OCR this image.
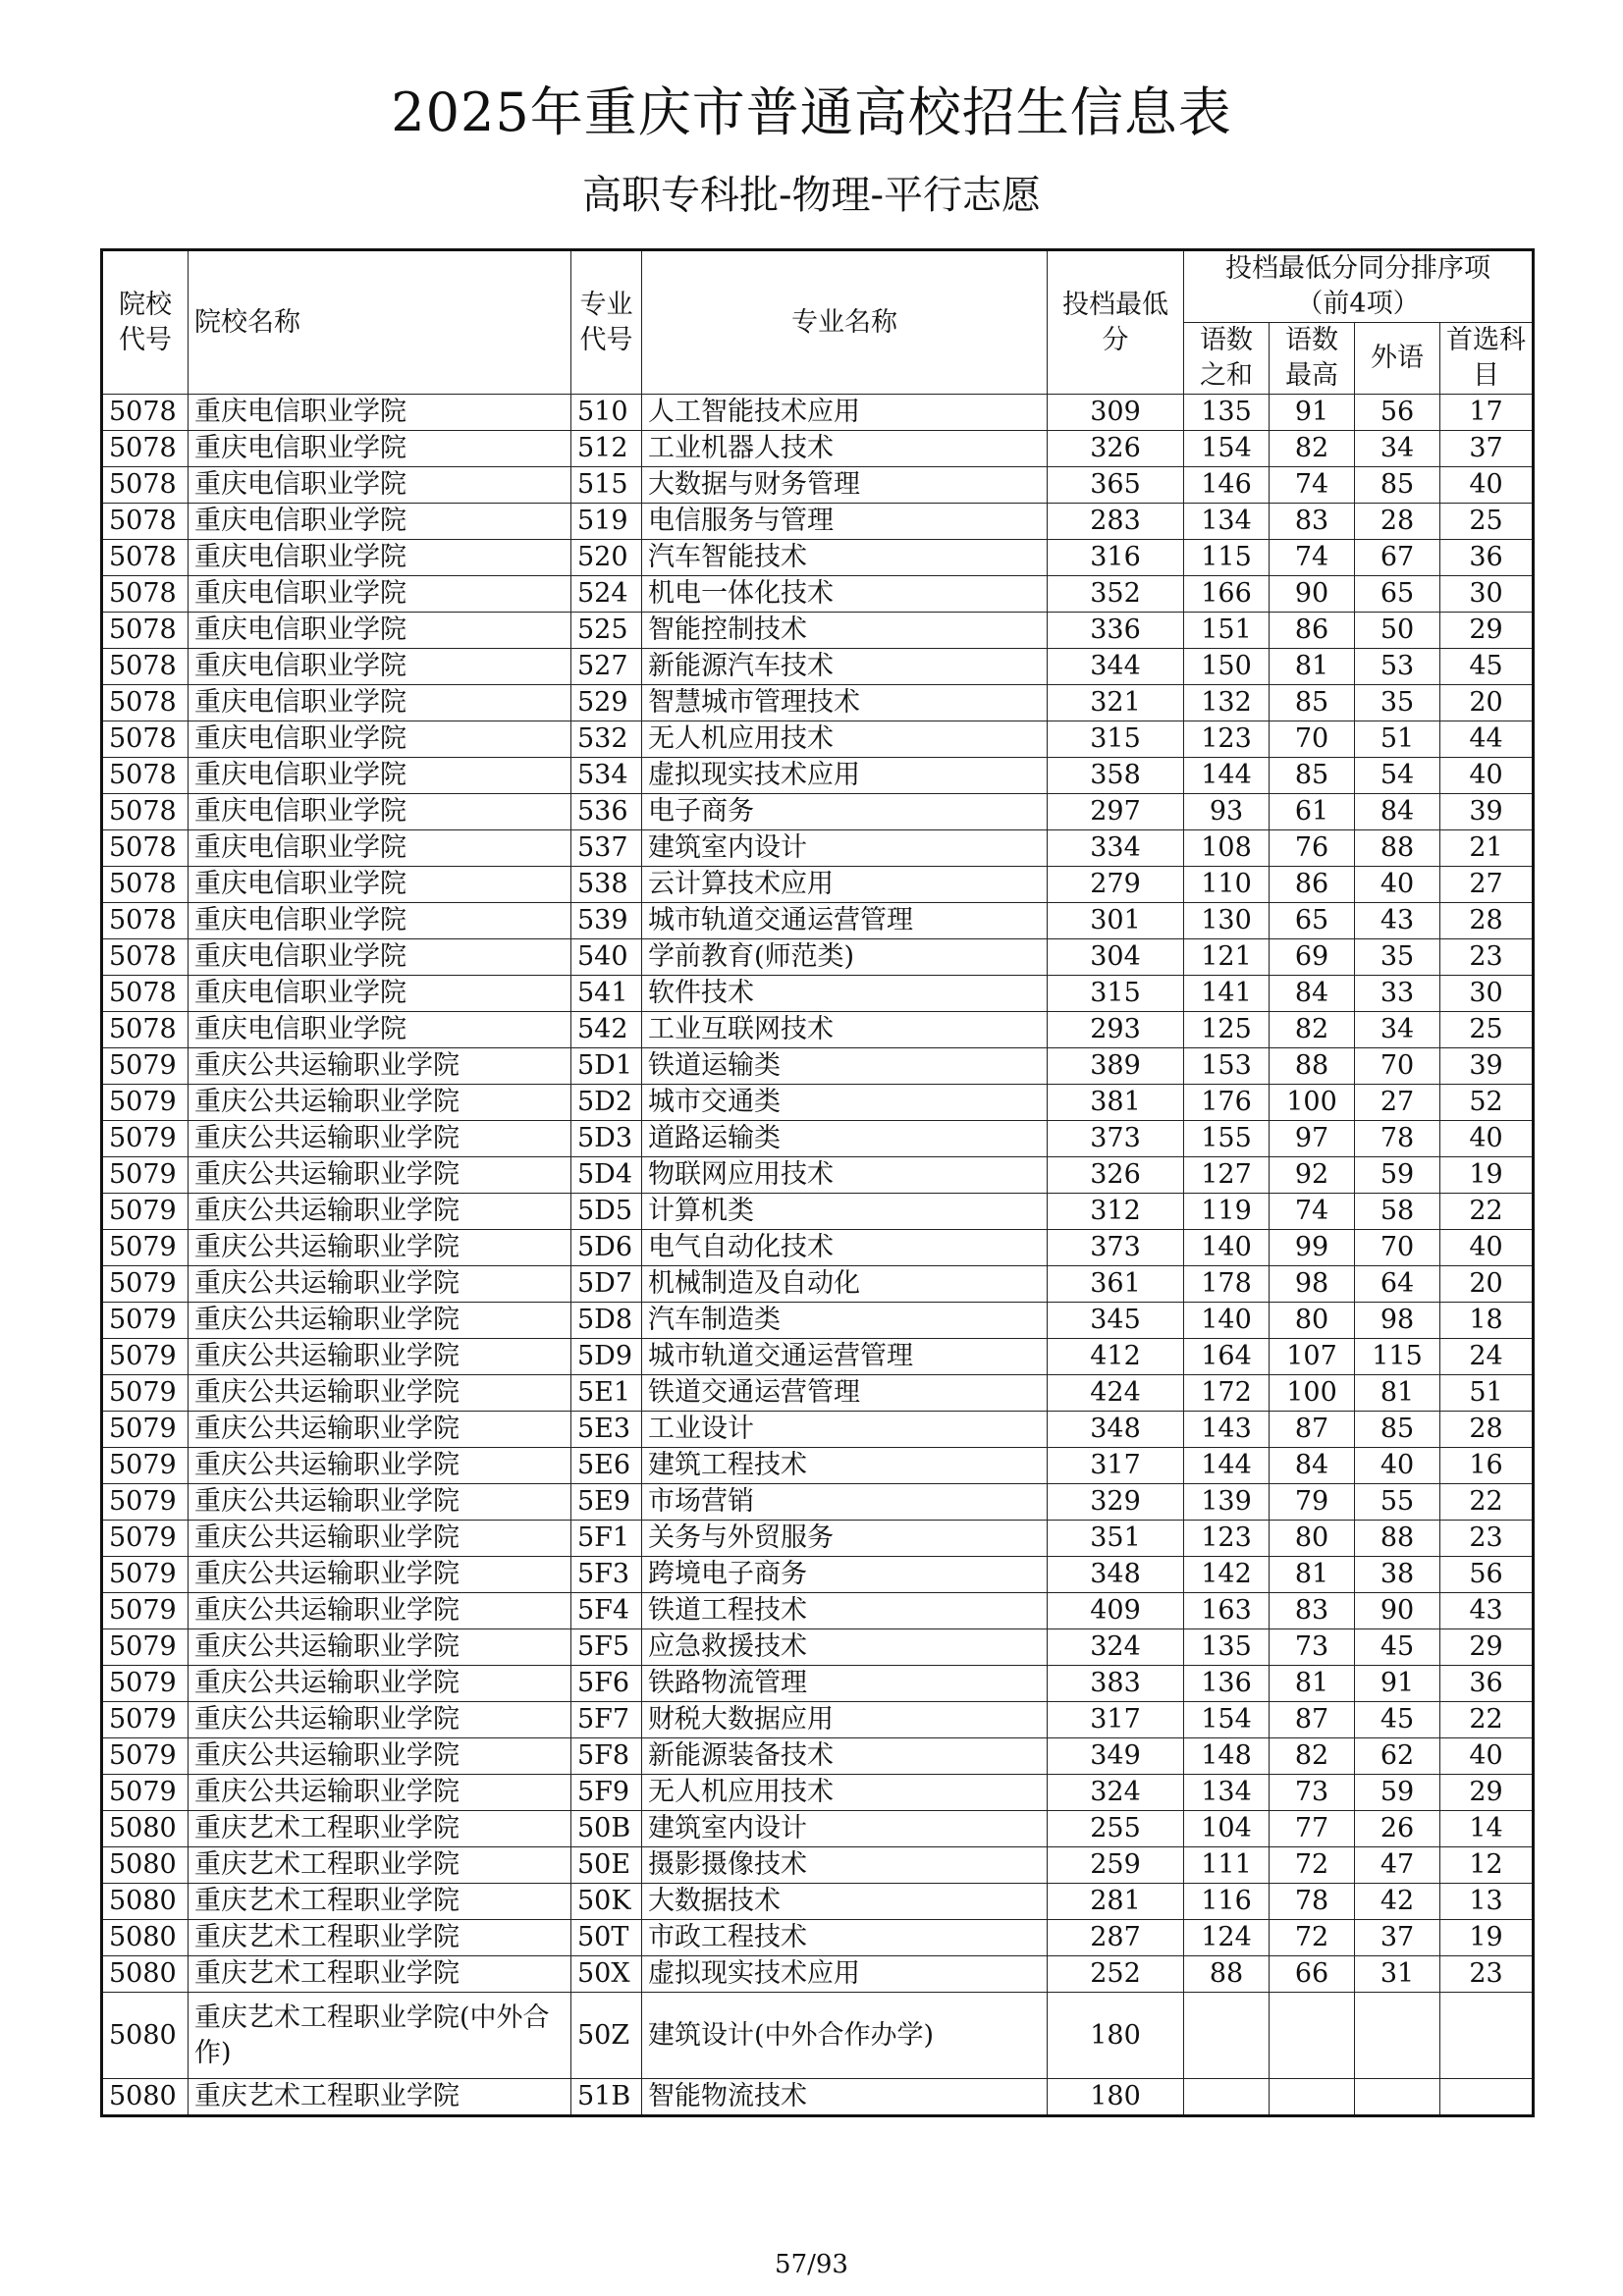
2025年重庆市普通高校招生信息表
高职专科批-物理-平行志愿
院校代号	院校名称	专业代号	专业名称	投档最低分	投档最低分同分排序项（前4项）			
					语数之和	语数最高	外语	首选科目
5078	重庆电信职业学院	510	人工智能技术应用	309	135	91	56	17
5078	重庆电信职业学院	512	工业机器人技术	326	154	82	34	37
5078	重庆电信职业学院	515	大数据与财务管理	365	146	74	85	40
5078	重庆电信职业学院	519	电信服务与管理	283	134	83	28	25
5078	重庆电信职业学院	520	汽车智能技术	316	115	74	67	36
5078	重庆电信职业学院	524	机电一体化技术	352	166	90	65	30
5078	重庆电信职业学院	525	智能控制技术	336	151	86	50	29
5078	重庆电信职业学院	527	新能源汽车技术	344	150	81	53	45
5078	重庆电信职业学院	529	智慧城市管理技术	321	132	85	35	20
5078	重庆电信职业学院	532	无人机应用技术	315	123	70	51	44
5078	重庆电信职业学院	534	虚拟现实技术应用	358	144	85	54	40
5078	重庆电信职业学院	536	电子商务	297	93	61	84	39
5078	重庆电信职业学院	537	建筑室内设计	334	108	76	88	21
5078	重庆电信职业学院	538	云计算技术应用	279	110	86	40	27
5078	重庆电信职业学院	539	城市轨道交通运营管理	301	130	65	43	28
5078	重庆电信职业学院	540	学前教育(师范类)	304	121	69	35	23
5078	重庆电信职业学院	541	软件技术	315	141	84	33	30
5078	重庆电信职业学院	542	工业互联网技术	293	125	82	34	25
5079	重庆公共运输职业学院	5D1	铁道运输类	389	153	88	70	39
5079	重庆公共运输职业学院	5D2	城市交通类	381	176	100	27	52
5079	重庆公共运输职业学院	5D3	道路运输类	373	155	97	78	40
5079	重庆公共运输职业学院	5D4	物联网应用技术	326	127	92	59	19
5079	重庆公共运输职业学院	5D5	计算机类	312	119	74	58	22
5079	重庆公共运输职业学院	5D6	电气自动化技术	373	140	99	70	40
5079	重庆公共运输职业学院	5D7	机械制造及自动化	361	178	98	64	20
5079	重庆公共运输职业学院	5D8	汽车制造类	345	140	80	98	18
5079	重庆公共运输职业学院	5D9	城市轨道交通运营管理	412	164	107	115	24
5079	重庆公共运输职业学院	5E1	铁道交通运营管理	424	172	100	81	51
5079	重庆公共运输职业学院	5E3	工业设计	348	143	87	85	28
5079	重庆公共运输职业学院	5E6	建筑工程技术	317	144	84	40	16
5079	重庆公共运输职业学院	5E9	市场营销	329	139	79	55	22
5079	重庆公共运输职业学院	5F1	关务与外贸服务	351	123	80	88	23
5079	重庆公共运输职业学院	5F3	跨境电子商务	348	142	81	38	56
5079	重庆公共运输职业学院	5F4	铁道工程技术	409	163	83	90	43
5079	重庆公共运输职业学院	5F5	应急救援技术	324	135	73	45	29
5079	重庆公共运输职业学院	5F6	铁路物流管理	383	136	81	91	36
5079	重庆公共运输职业学院	5F7	财税大数据应用	317	154	87	45	22
5079	重庆公共运输职业学院	5F8	新能源装备技术	349	148	82	62	40
5079	重庆公共运输职业学院	5F9	无人机应用技术	324	134	73	59	29
5080	重庆艺术工程职业学院	50B	建筑室内设计	255	104	77	26	14
5080	重庆艺术工程职业学院	50E	摄影摄像技术	259	111	72	47	12
5080	重庆艺术工程职业学院	50K	大数据技术	281	116	78	42	13
5080	重庆艺术工程职业学院	50T	市政工程技术	287	124	72	37	19
5080	重庆艺术工程职业学院	50X	虚拟现实技术应用	252	88	66	31	23
5080	重庆艺术工程职业学院(中外合作)	50Z	建筑设计(中外合作办学)	180				
5080	重庆艺术工程职业学院	51B	智能物流技术	180				
57/93
